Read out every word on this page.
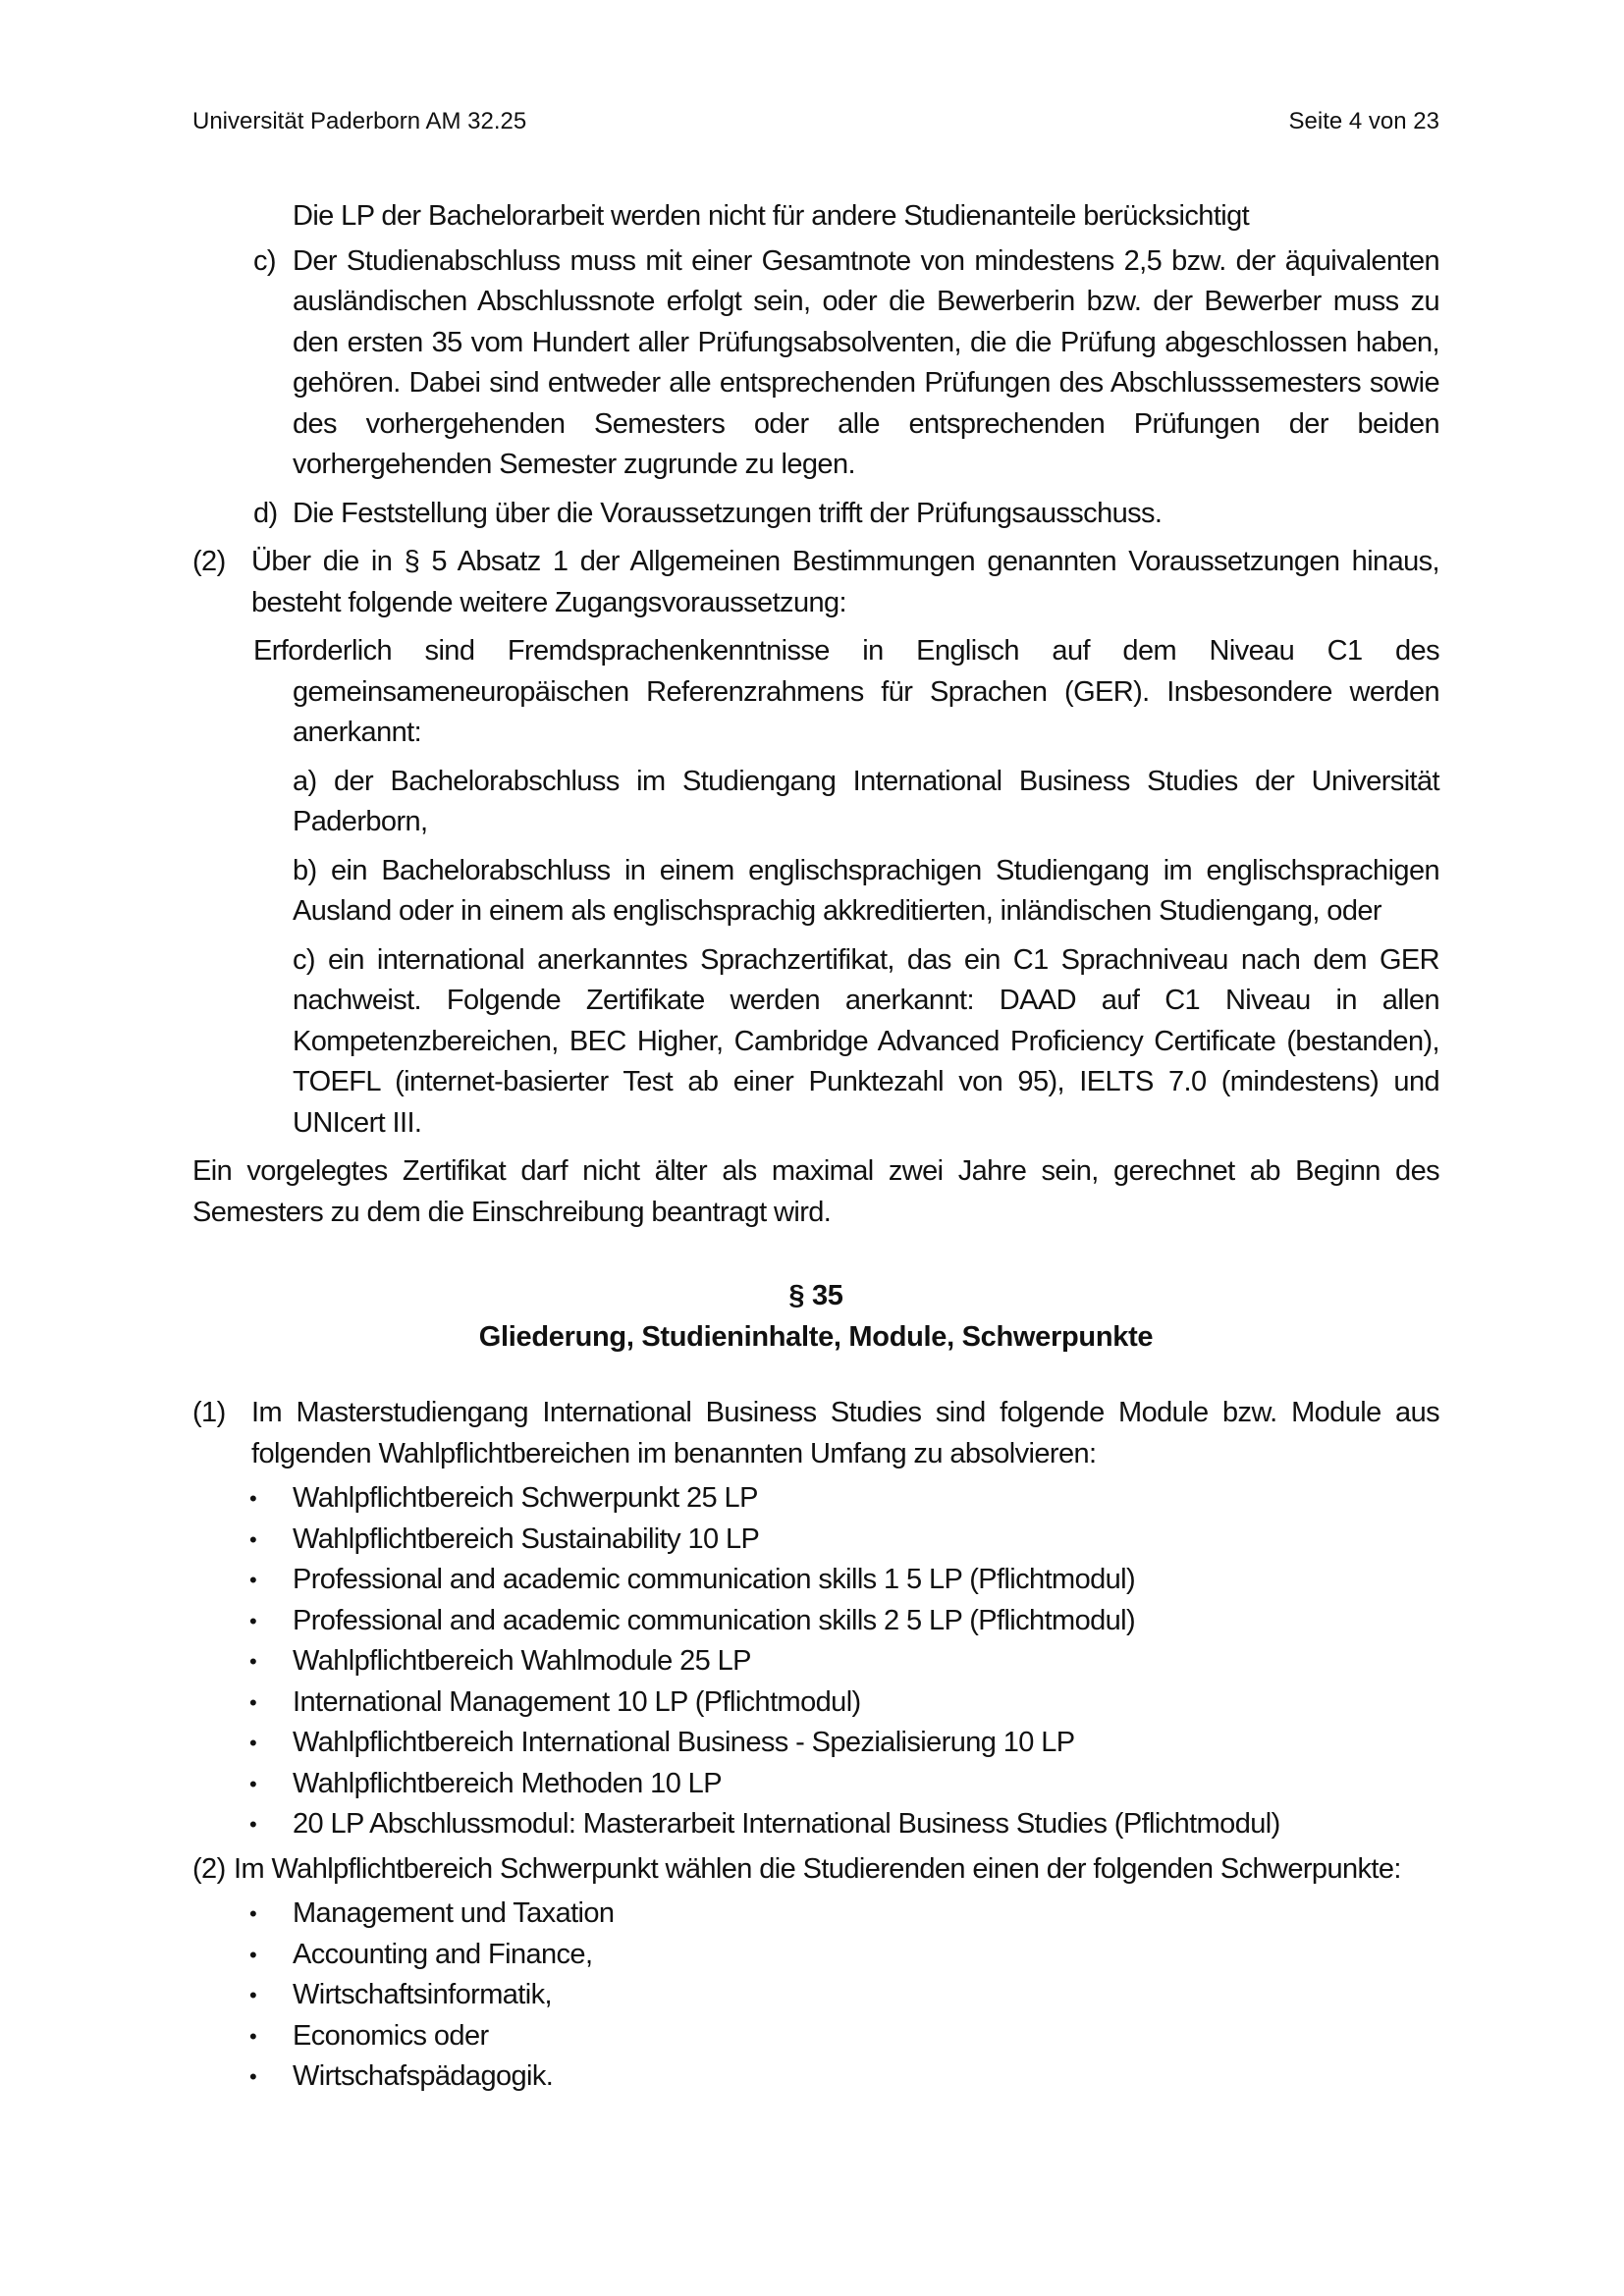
Universität Paderborn AM 32.25	Seite 4 von 23

Die LP der Bachelorarbeit werden nicht für andere Studienanteile berücksichtigt

c) Der Studienabschluss muss mit einer Gesamtnote von mindestens 2,5 bzw. der äquivalenten ausländischen Abschlussnote erfolgt sein, oder die Bewerberin bzw. der Bewerber muss zu den ersten 35 vom Hundert aller Prüfungsabsolventen, die die Prüfung abgeschlossen haben, gehören. Dabei sind entweder alle entsprechenden Prüfungen des Abschlusssemesters sowie des vorhergehenden Semesters oder alle entsprechenden Prüfungen der beiden vorhergehenden Semester zugrunde zu legen.
d) Die Feststellung über die Voraussetzungen trifft der Prüfungsausschuss.
(2) Über die in § 5 Absatz 1 der Allgemeinen Bestimmungen genannten Voraussetzungen hinaus, besteht folgende weitere Zugangsvoraussetzung:

Erforderlich sind Fremdsprachenkenntnisse in Englisch auf dem Niveau C1 des gemeinsameneuropäischen Referenzrahmens für Sprachen (GER). Insbesondere werden anerkannt:

a) der Bachelorabschluss im Studiengang International Business Studies der Universität Paderborn,

b) ein Bachelorabschluss in einem englischsprachigen Studiengang im englischsprachigen Ausland oder in einem als englischsprachig akkreditierten, inländischen Studiengang, oder

c) ein international anerkanntes Sprachzertifikat, das ein C1 Sprachniveau nach dem GER nachweist. Folgende Zertifikate werden anerkannt: DAAD auf C1 Niveau in allen Kompetenzbereichen, BEC Higher, Cambridge Advanced Proficiency Certificate (bestanden), TOEFL (internet-basierter Test ab einer Punktezahl von 95), IELTS 7.0 (mindestens) und UNIcert III.

Ein vorgelegtes Zertifikat darf nicht älter als maximal zwei Jahre sein, gerechnet ab Beginn des Semesters zu dem die Einschreibung beantragt wird.

§ 35

Gliederung, Studieninhalte, Module, Schwerpunkte

(1) Im Masterstudiengang International Business Studies sind folgende Module bzw. Module aus folgenden Wahlpflichtbereichen im benannten Umfang zu absolvieren:
•	Wahlpflichtbereich Schwerpunkt 25 LP
•	Wahlpflichtbereich Sustainability 10 LP
•	Professional and academic communication skills 1 5 LP (Pflichtmodul)
•	Professional and academic communication skills 2 5 LP (Pflichtmodul)
•	Wahlpflichtbereich Wahlmodule 25 LP
•	International Management 10 LP (Pflichtmodul)
•	Wahlpflichtbereich International Business - Spezialisierung 10 LP
•	Wahlpflichtbereich Methoden 10 LP
•	20 LP Abschlussmodul: Masterarbeit International Business Studies (Pflichtmodul)
(2) Im Wahlpflichtbereich Schwerpunkt wählen die Studierenden einen der folgenden Schwerpunkte:
•	Management und Taxation
•	Accounting and Finance,
•	Wirtschaftsinformatik,
•	Economics oder
•	Wirtschafspädagogik.
